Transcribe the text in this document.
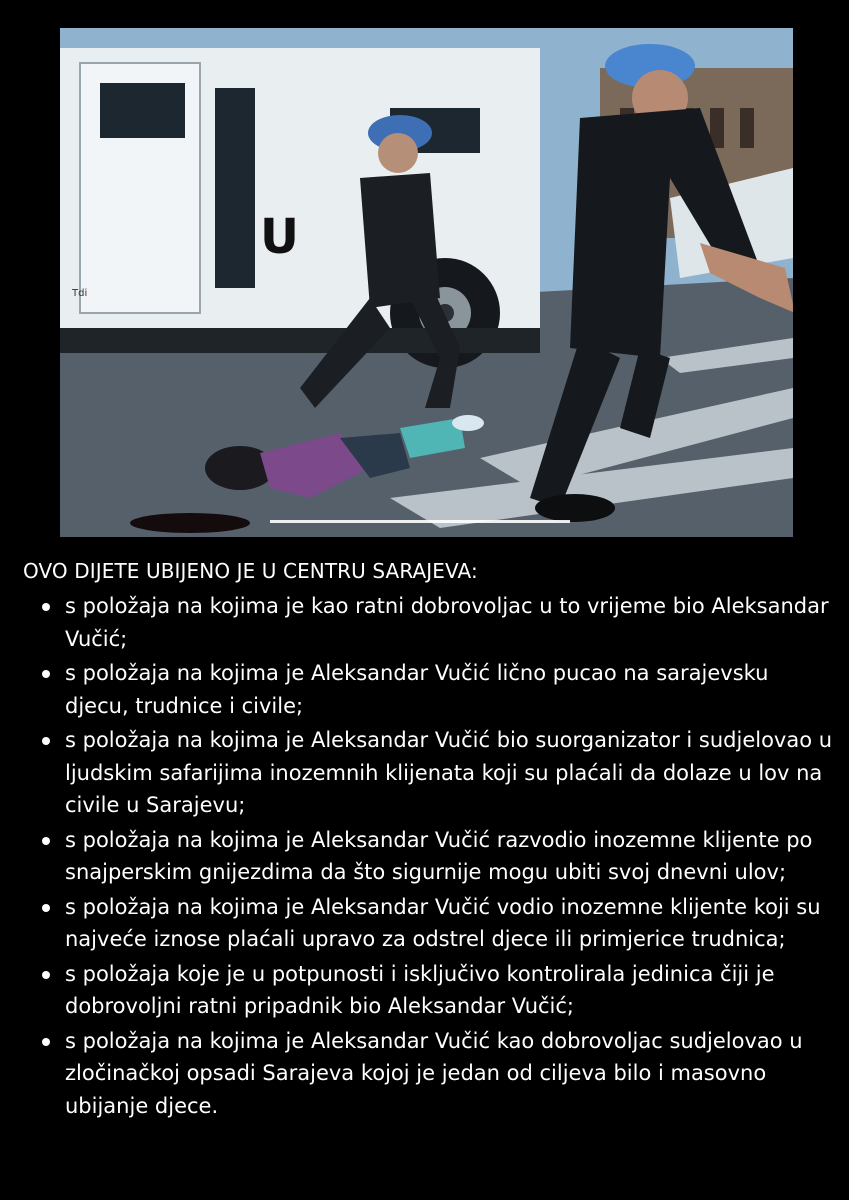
U
Tdi
OVO DIJETE UBIJENO JE U CENTRU SARAJEVA:
s položaja na kojima je kao ratni dobrovoljac u to vrijeme bio Aleksandar Vučić;
s položaja na kojima je Aleksandar Vučić lično pucao na sarajevsku djecu, trudnice i civile;
s položaja na kojima je Aleksandar Vučić bio suorganizator i sudjelovao u ljudskim safarijima inozemnih klijenata koji su plaćali da dolaze u lov na civile u Sarajevu;
s položaja na kojima je Aleksandar Vučić razvodio inozemne klijente po snajperskim gnijezdima da što sigurnije mogu ubiti svoj dnevni ulov;
s položaja na kojima je Aleksandar Vučić vodio inozemne klijente koji su najveće iznose plaćali upravo za odstrel djece ili primjerice trudnica;
s položaja koje je u potpunosti i isključivo kontrolirala jedinica čiji je dobrovoljni ratni pripadnik bio Aleksandar Vučić;
s položaja na kojima je Aleksandar Vučić kao dobrovoljac sudjelovao u zločinačkoj opsadi Sarajeva kojoj je jedan od ciljeva bilo i masovno ubijanje djece.
